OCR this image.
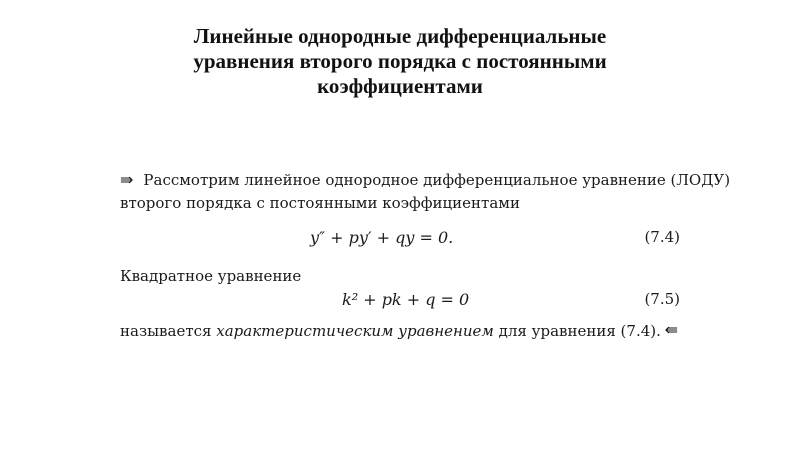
Линейные однородные дифференциальные
уравнения второго порядка с постоянными
коэффициентами
⇛ Рассмотрим линейное однородное дифференциальное уравнение (ЛОДУ)
второго порядка с постоянными коэффициентами
y″ + py′ + qy = 0.	(7.4)
Квадратное уравнение
k² + pk + q = 0	(7.5)
называется характеристическим уравнением для уравнения (7.4). ⇚
